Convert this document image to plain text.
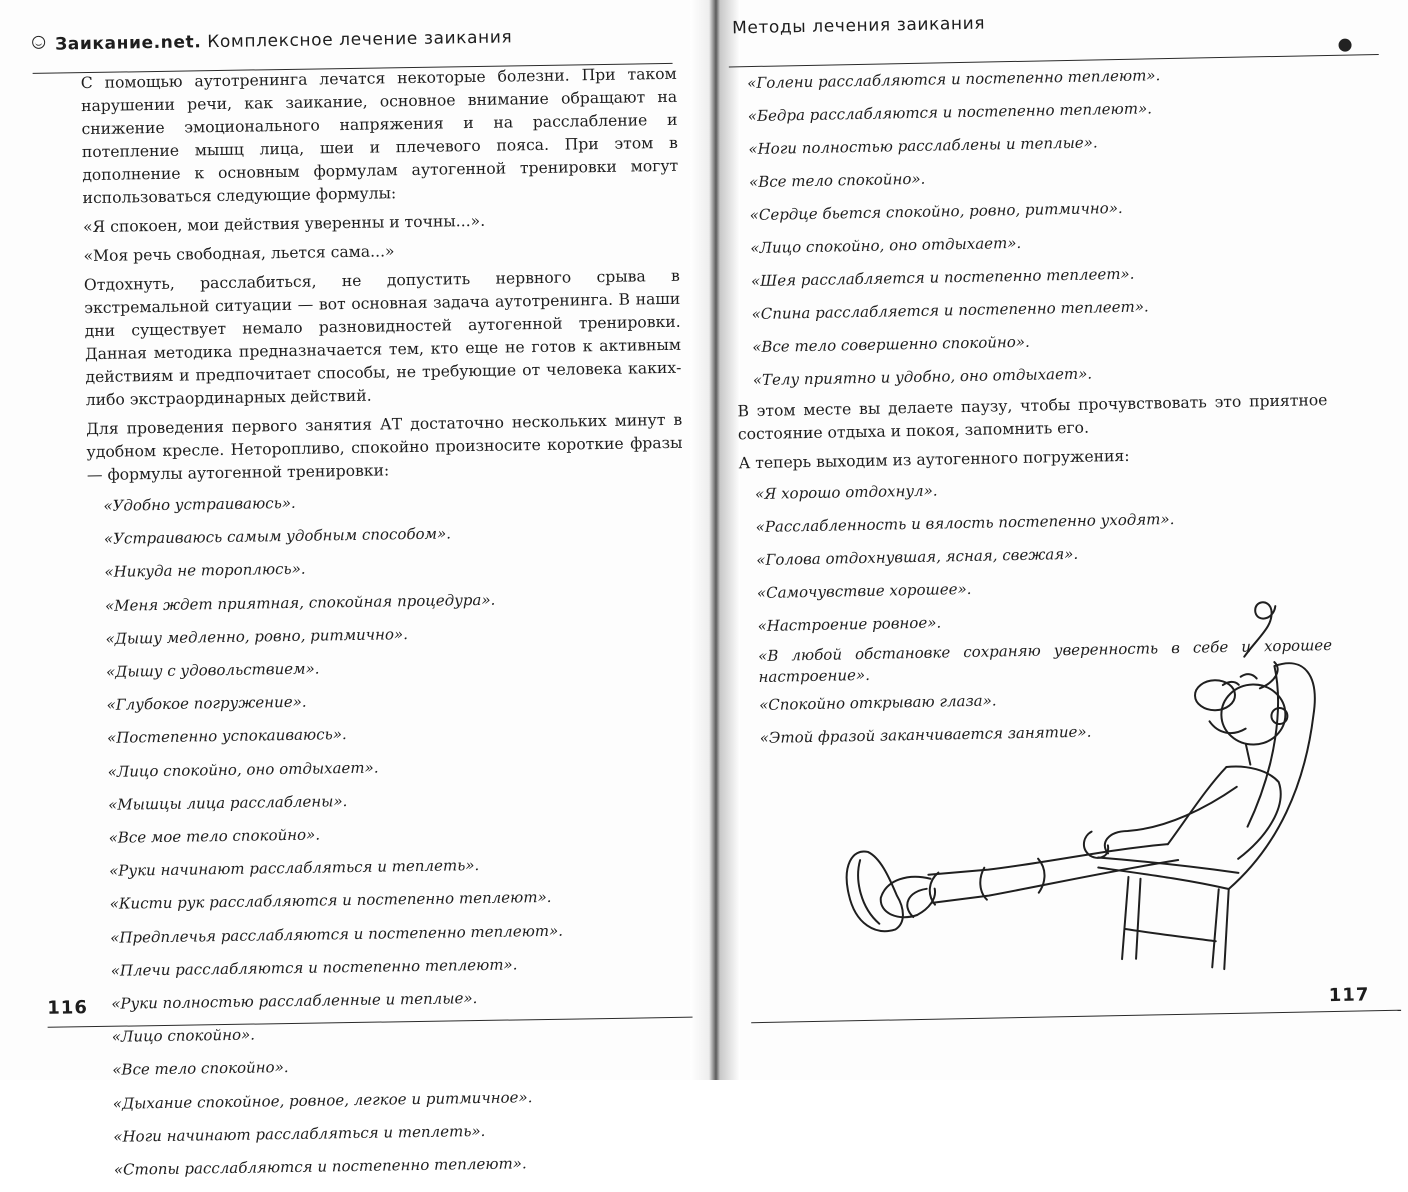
Заикание.net. Комплексное лечение заикания

С помощью аутотренинга лечатся некоторые болезни. При таком нарушении речи, как заикание, основное внимание обращают на снижение эмоционального напряжения и на расслабление и потепление мышц лица, шеи и плечевого пояса. При этом в дополнение к основным формулам аутогенной тренировки могут использоваться следующие формулы:

«Я спокоен, мои действия уверенны и точны...».

«Моя речь свободная, льется сама...»

Отдохнуть, расслабиться, не допустить нервного срыва в экстремальной ситуации — вот основная задача аутотренинга. В наши дни существует немало разновидностей аутогенной тренировки. Данная методика предназначается тем, кто еще не готов к активным действиям и предпочитает способы, не требующие от человека каких-либо экстраординарных действий.

Для проведения первого занятия АТ достаточно нескольких минут в удобном кресле. Неторопливо, спокойно произносите короткие фразы — формулы аутогенной тренировки:

«Удобно устраиваюсь».

«Устраиваюсь самым удобным способом».

«Никуда не тороплюсь».

«Меня ждет приятная, спокойная процедура».

«Дышу медленно, ровно, ритмично».

«Дышу с удовольствием».

«Глубокое погружение».

«Постепенно успокаиваюсь».

«Лицо спокойно, оно отдыхает».

«Мышцы лица расслаблены».

«Все мое тело спокойно».

«Руки начинают расслабляться и теплеть».

«Кисти рук расслабляются и постепенно теплеют».

«Предплечья расслабляются и постепенно теплеют».

«Плечи расслабляются и постепенно теплеют».

«Руки полностью расслабленные и теплые».

«Лицо спокойно».

«Все тело спокойно».

«Дыхание спокойное, ровное, легкое и ритмичное».

«Ноги начинают расслабляться и теплеть».

«Стопы расслабляются и постепенно теплеют».

116
Методы лечения заикания

«Голени расслабляются и постепенно теплеют».

«Бедра расслабляются и постепенно теплеют».

«Ноги полностью расслаблены и теплые».

«Все тело спокойно».

«Сердце бьется спокойно, ровно, ритмично».

«Лицо спокойно, оно отдыхает».

«Шея расслабляется и постепенно теплеет».

«Спина расслабляется и постепенно теплеет».

«Все тело совершенно спокойно».

«Телу приятно и удобно, оно отдыхает».

В этом месте вы делаете паузу, чтобы прочувствовать это приятное состояние отдыха и покоя, запомнить его.

А теперь выходим из аутогенного погружения:

«Я хорошо отдохнул».

«Расслабленность и вялость постепенно уходят».

«Голова отдохнувшая, ясная, свежая».

«Самочувствие хорошее».

«Настроение ровное».

«В любой обстановке сохраняю уверенность в себе и хорошее настроение».

«Спокойно открываю глаза».

«Этой фразой заканчивается занятие».

117
